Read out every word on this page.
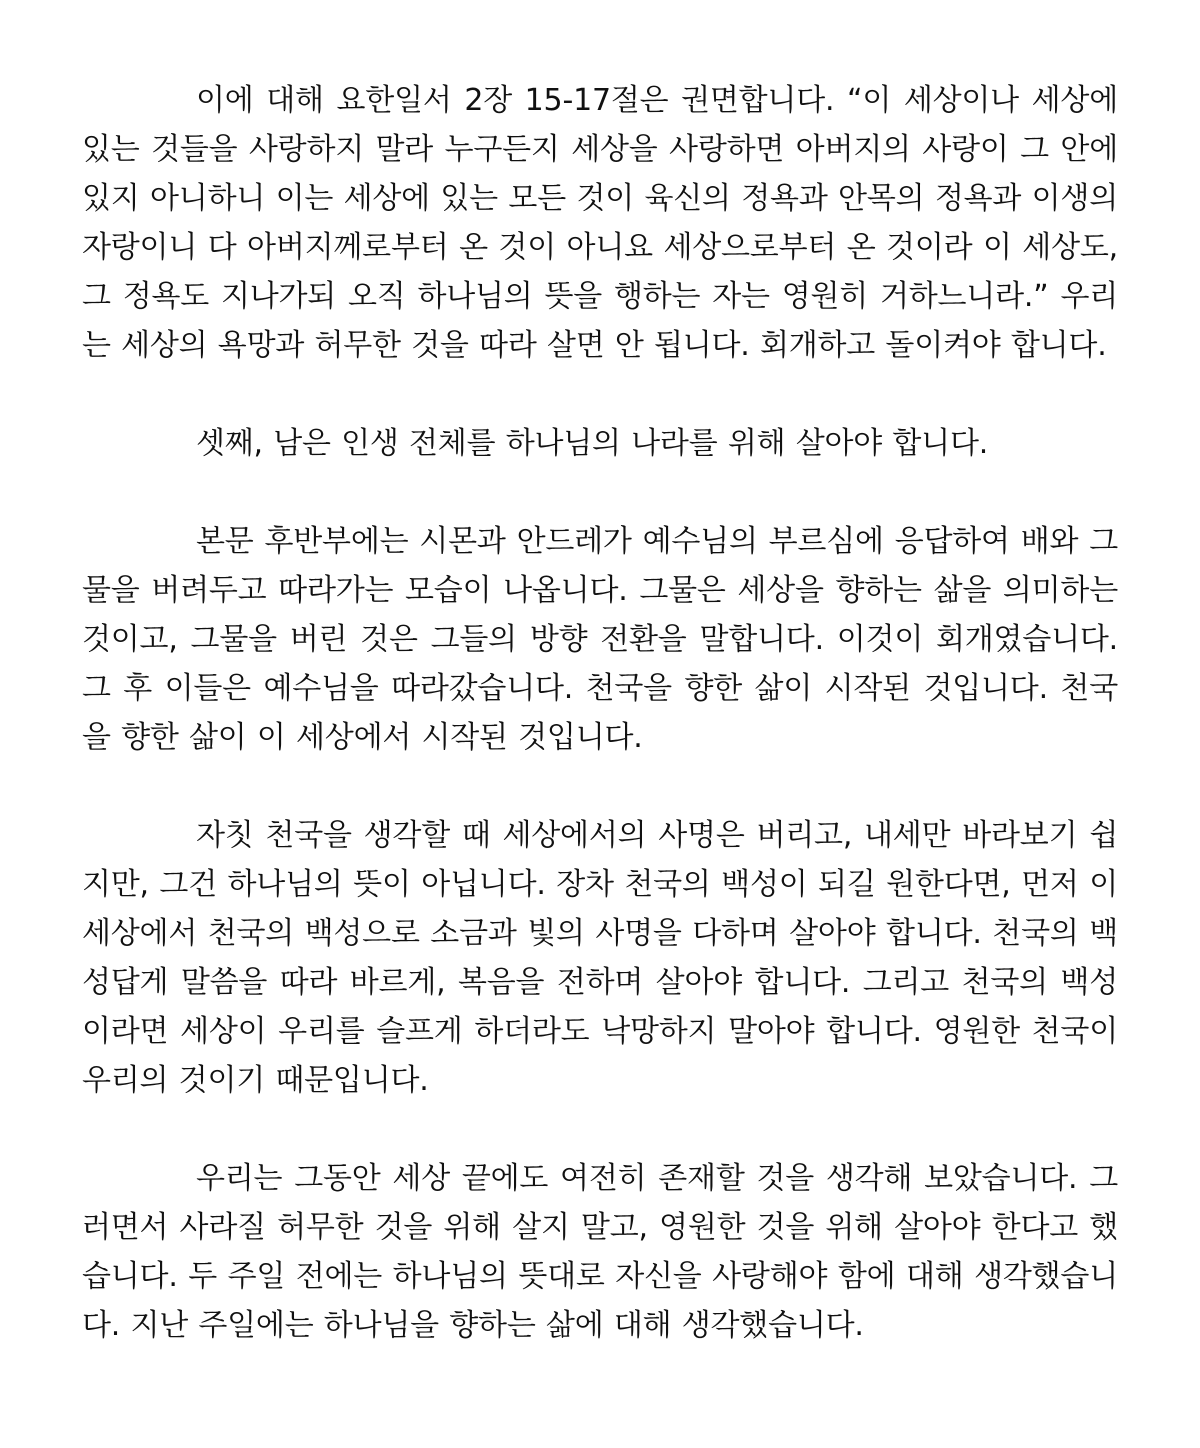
이에 대해 요한일서 2장 15-17절은 권면합니다. “이 세상이나 세상에 있는 것들을 사랑하지 말라 누구든지 세상을 사랑하면 아버지의 사랑이 그 안에 있지 아니하니 이는 세상에 있는 모든 것이 육신의 정욕과 안목의 정욕과 이생의 자랑이니 다 아버지께로부터 온 것이 아니요 세상으로부터 온 것이라 이 세상도, 그 정욕도 지나가되 오직 하나님의 뜻을 행하는 자는 영원히 거하느니라.” 우리는 세상의 욕망과 허무한 것을 따라 살면 안 됩니다. 회개하고 돌이켜야 합니다.

셋째, 남은 인생 전체를 하나님의 나라를 위해 살아야 합니다.

본문 후반부에는 시몬과 안드레가 예수님의 부르심에 응답하여 배와 그물을 버려두고 따라가는 모습이 나옵니다. 그물은 세상을 향하는 삶을 의미하는 것이고, 그물을 버린 것은 그들의 방향 전환을 말합니다. 이것이 회개였습니다. 그 후 이들은 예수님을 따라갔습니다. 천국을 향한 삶이 시작된 것입니다. 천국을 향한 삶이 이 세상에서 시작된 것입니다.

자칫 천국을 생각할 때 세상에서의 사명은 버리고, 내세만 바라보기 쉽지만, 그건 하나님의 뜻이 아닙니다. 장차 천국의 백성이 되길 원한다면, 먼저 이 세상에서 천국의 백성으로 소금과 빛의 사명을 다하며 살아야 합니다. 천국의 백성답게 말씀을 따라 바르게, 복음을 전하며 살아야 합니다. 그리고 천국의 백성이라면 세상이 우리를 슬프게 하더라도 낙망하지 말아야 합니다. 영원한 천국이 우리의 것이기 때문입니다.

우리는 그동안 세상 끝에도 여전히 존재할 것을 생각해 보았습니다. 그러면서 사라질 허무한 것을 위해 살지 말고, 영원한 것을 위해 살아야 한다고 했습니다. 두 주일 전에는 하나님의 뜻대로 자신을 사랑해야 함에 대해 생각했습니다. 지난 주일에는 하나님을 향하는 삶에 대해 생각했습니다.
